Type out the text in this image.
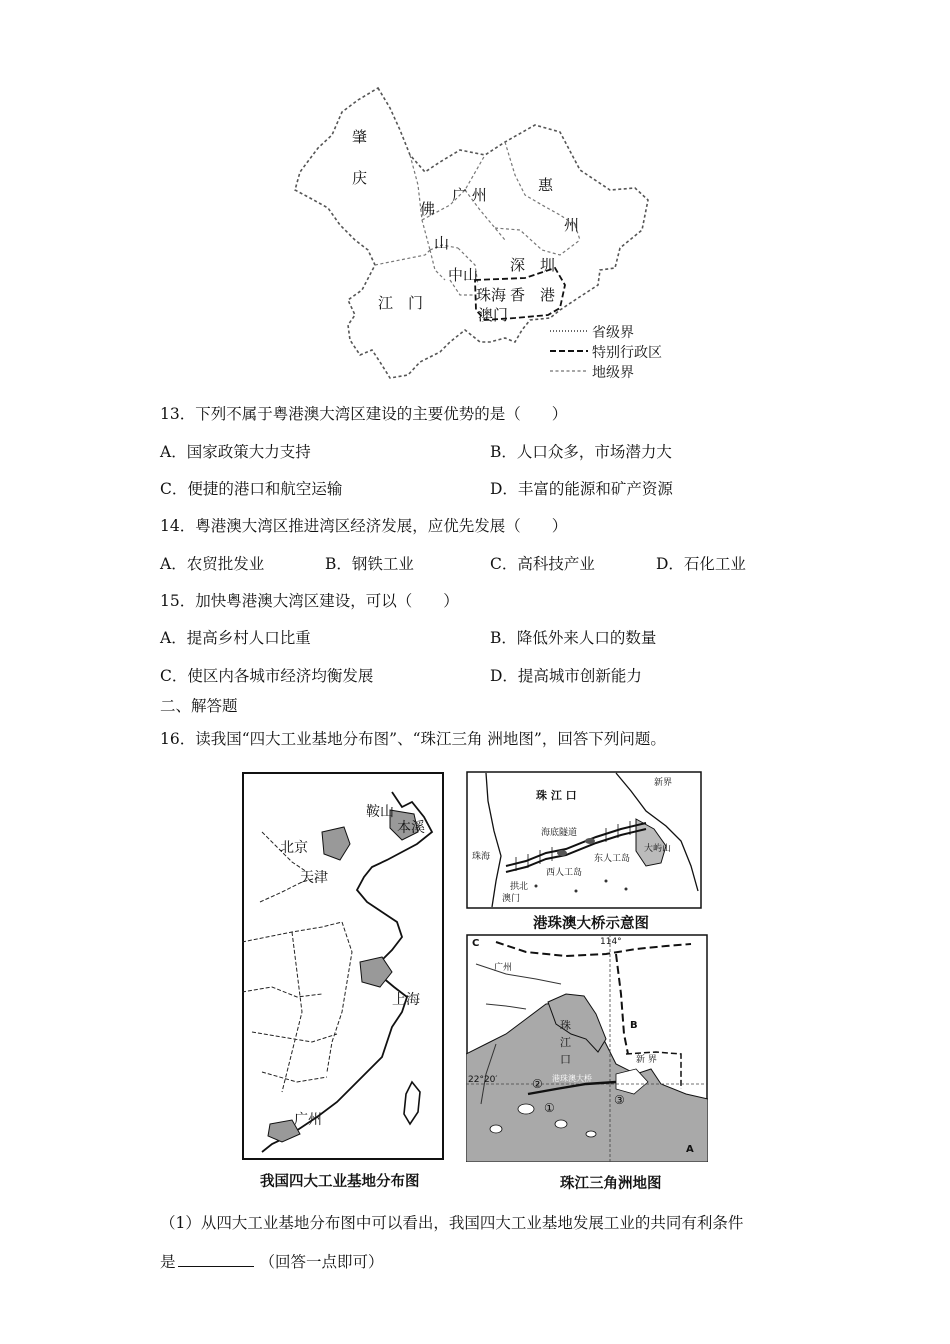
肇
庆
广 州
惠
州
佛
山
中山
深　圳
江　门	珠海 香　港
澳门
省级界
特别行政区
地级界
13．下列不属于粤港澳大湾区建设的主要优势的是（　　）
A．国家政策大力支持	B．人口众多，市场潜力大
C．便捷的港口和航空运输	D．丰富的能源和矿产资源
14．粤港澳大湾区推进湾区经济发展，应优先发展（　　）
A．农贸批发业	B．钢铁工业	C．高科技产业	D．石化工业
15．加快粤港澳大湾区建设，可以（　　）
A．提高乡村人口比重	B．降低外来人口的数量
C．使区内各城市经济均衡发展	D．提高城市创新能力
二、解答题
16．读我国“四大工业基地分布图”、“珠江三角 洲地图”，回答下列问题。
鞍山
本溪
北京
天津
上海
广州
我国四大工业基地分布图
珠 江 口
新界
海底隧道
珠海
西人工岛
东人工岛
大屿山
澳门
拱北
港珠澳大桥示意图
C	114°
广州
B
珠
江
口	新 界
港珠澳大桥
22°20′
①
②
③
A
珠江三角洲地图
（1）从四大工业基地分布图中可以看出，我国四大工业基地发展工业的共同有利条件
是	（回答一点即可）
